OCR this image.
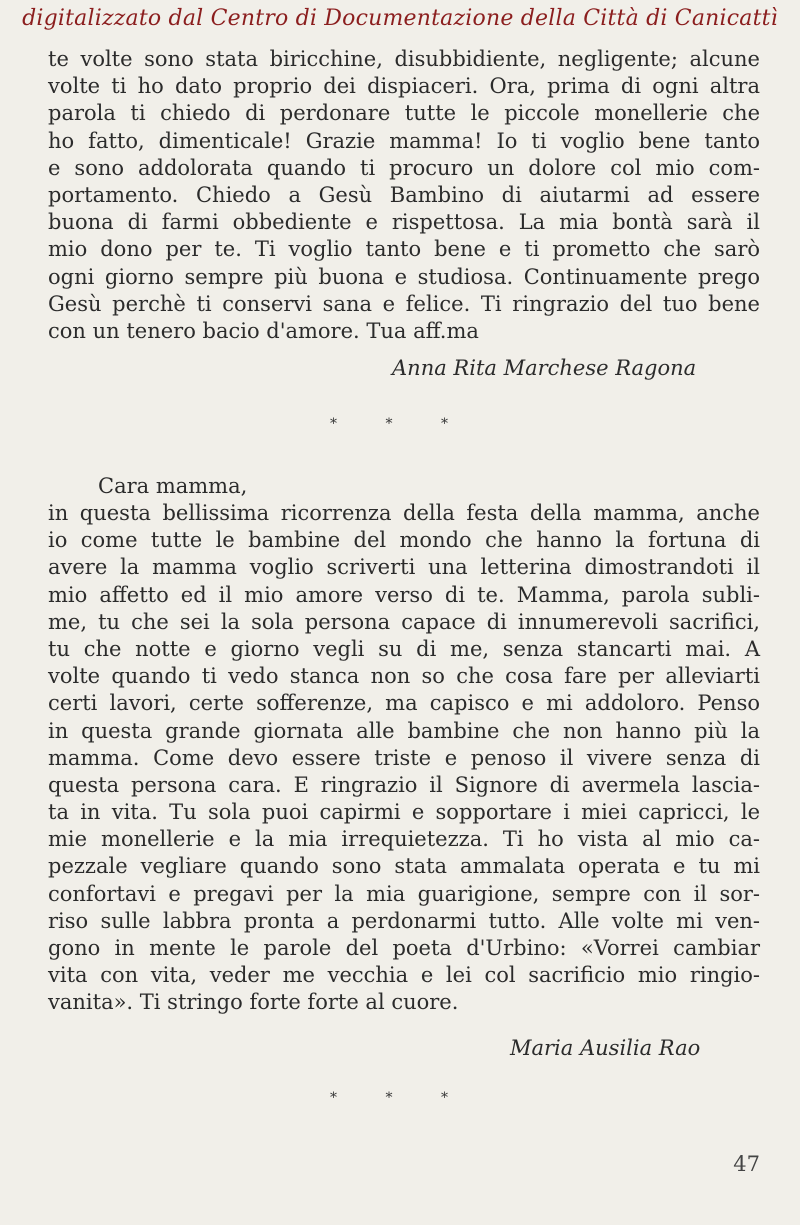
digitalizzato dal Centro di Documentazione della Città di Canicattì
te volte sono stata biricchine, disubbidiente, negligente; alcune
volte ti ho dato proprio dei dispiaceri. Ora, prima di ogni altra
parola ti chiedo di perdonare tutte le piccole monellerie che
ho fatto, dimenticale! Grazie mamma! Io ti voglio bene tanto
e sono addolorata quando ti procuro un dolore col mio com-
portamento. Chiedo a Gesù Bambino di aiutarmi ad essere
buona di farmi obbediente e rispettosa. La mia bontà sarà il
mio dono per te. Ti voglio tanto bene e ti prometto che sarò
ogni giorno sempre più buona e studiosa. Continuamente prego
Gesù perchè ti conservi sana e felice. Ti ringrazio del tuo bene
con un tenero bacio d'amore. Tua aff.ma
Anna Rita Marchese Ragona
* * *
Cara mamma,
in questa bellissima ricorrenza della festa della mamma, anche
io come tutte le bambine del mondo che hanno la fortuna di
avere la mamma voglio scriverti una letterina dimostrandoti il
mio affetto ed il mio amore verso di te. Mamma, parola subli-
me, tu che sei la sola persona capace di innumerevoli sacrifici,
tu che notte e giorno vegli su di me, senza stancarti mai. A
volte quando ti vedo stanca non so che cosa fare per alleviarti
certi lavori, certe sofferenze, ma capisco e mi addoloro. Penso
in questa grande giornata alle bambine che non hanno più la
mamma. Come devo essere triste e penoso il vivere senza di
questa persona cara. E ringrazio il Signore di avermela lascia-
ta in vita. Tu sola puoi capirmi e sopportare i miei capricci, le
mie monellerie e la mia irrequietezza. Ti ho vista al mio ca-
pezzale vegliare quando sono stata ammalata operata e tu mi
confortavi e pregavi per la mia guarigione, sempre con il sor-
riso sulle labbra pronta a perdonarmi tutto. Alle volte mi ven-
gono in mente le parole del poeta d'Urbino: «Vorrei cambiar
vita con vita, veder me vecchia e lei col sacrificio mio ringio-
vanita». Ti stringo forte forte al cuore.
Maria Ausilia Rao
* * *
47
